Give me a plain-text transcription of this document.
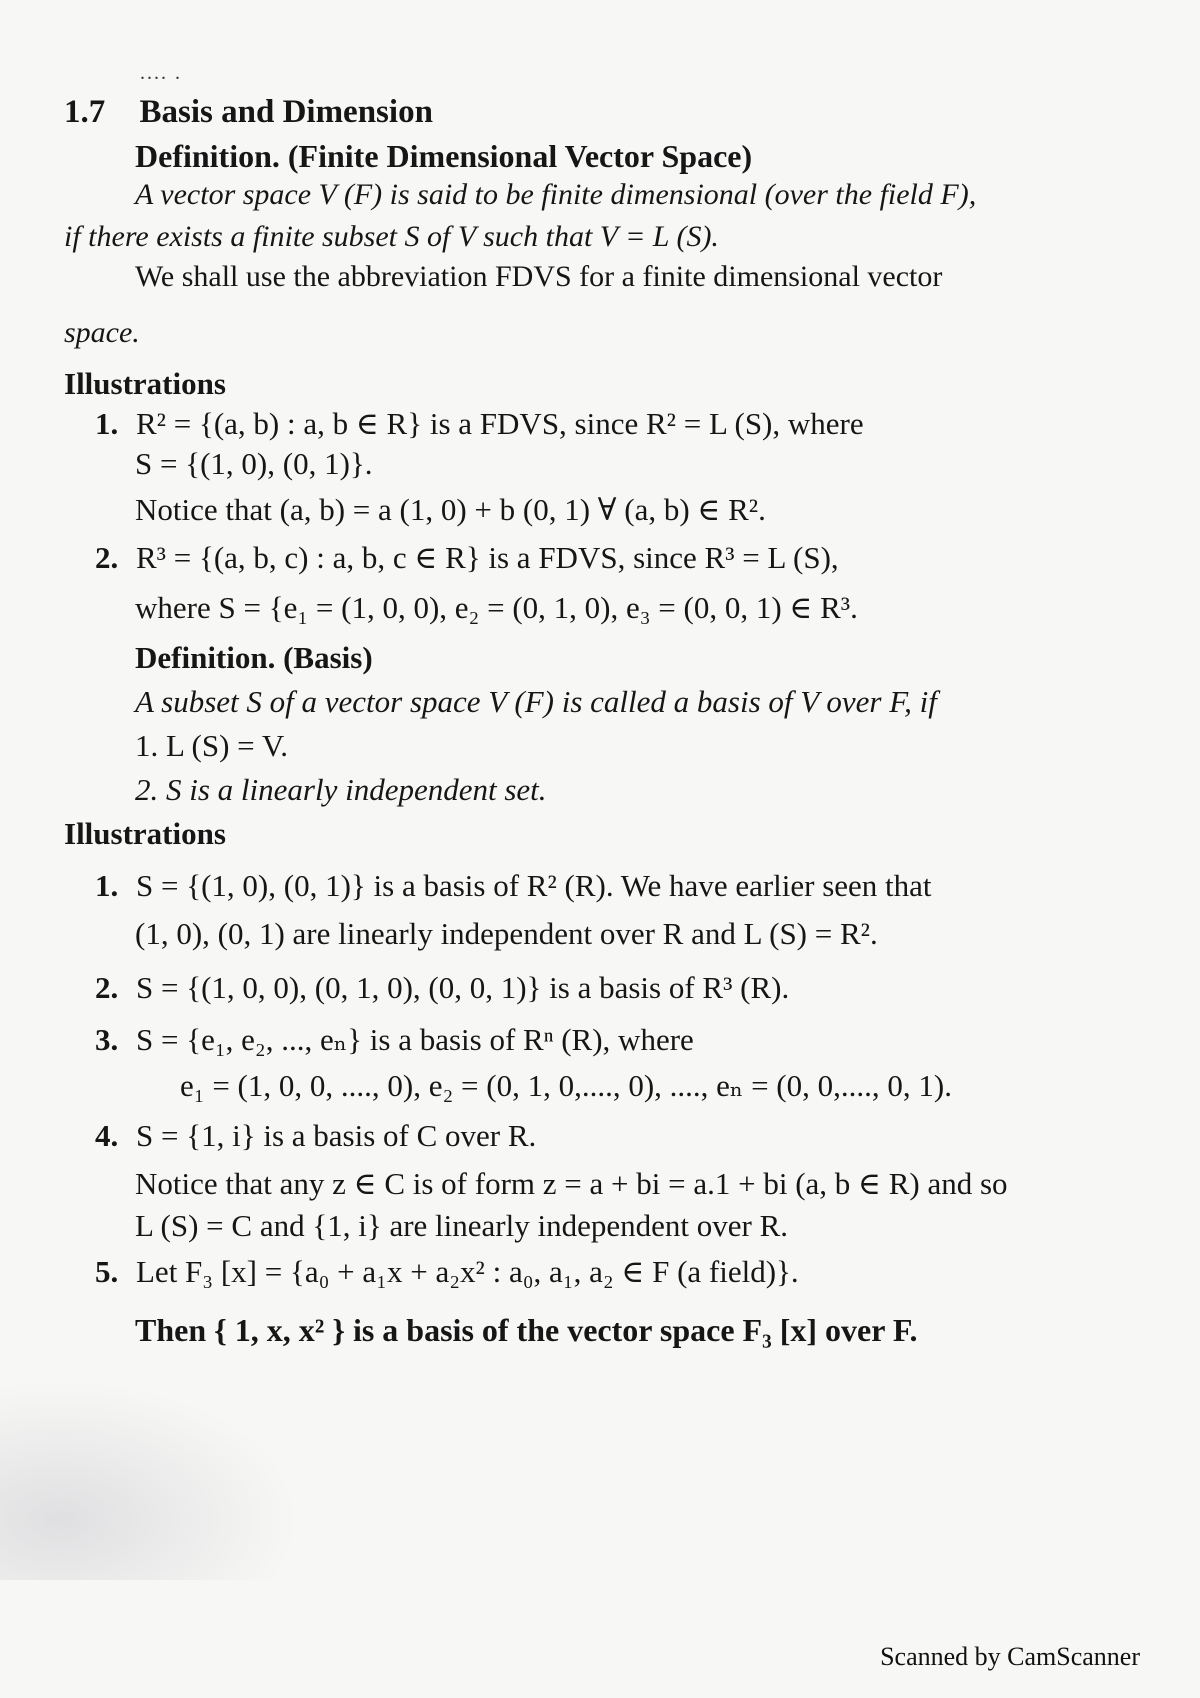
.... .
1.7 Basis and Dimension
Definition. (Finite Dimensional Vector Space)
A vector space V (F) is said to be finite dimensional (over the field F),
if there exists a finite subset S of V such that V = L (S).
We shall use the abbreviation FDVS for a finite dimensional vector
space.
Illustrations
1. R² = {(a, b) : a, b ∈ R} is a FDVS, since R² = L (S), where
S = {(1, 0), (0, 1)}.
Notice that (a, b) = a (1, 0) + b (0, 1) ∀ (a, b) ∈ R².
2. R³ = {(a, b, c) : a, b, c ∈ R} is a FDVS, since R³ = L (S),
where S = {e₁ = (1, 0, 0), e₂ = (0, 1, 0), e₃ = (0, 0, 1) ∈ R³.
Definition. (Basis)
A subset S of a vector space V (F) is called a basis of V over F, if
1. L (S) = V.
2. S is a linearly independent set.
Illustrations
1. S = {(1, 0), (0, 1)} is a basis of R² (R). We have earlier seen that
(1, 0), (0, 1) are linearly independent over R and L (S) = R².
2. S = {(1, 0, 0), (0, 1, 0), (0, 0, 1)} is a basis of R³ (R).
3. S = {e₁, e₂, ..., eₙ} is a basis of Rⁿ (R), where
e₁ = (1, 0, 0, ...., 0), e₂ = (0, 1, 0,...., 0), ...., eₙ = (0, 0,...., 0, 1).
4. S = {1, i} is a basis of C over R.
Notice that any z ∈ C is of form z = a + bi = a.1 + bi (a, b ∈ R) and so
L (S) = C and {1, i} are linearly independent over R.
5. Let F₃ [x] = {a₀ + a₁x + a₂x² : a₀, a₁, a₂ ∈ F (a field)}.
Then { 1, x, x² } is a basis of the vector space F₃ [x] over F.
Scanned by CamScanner
